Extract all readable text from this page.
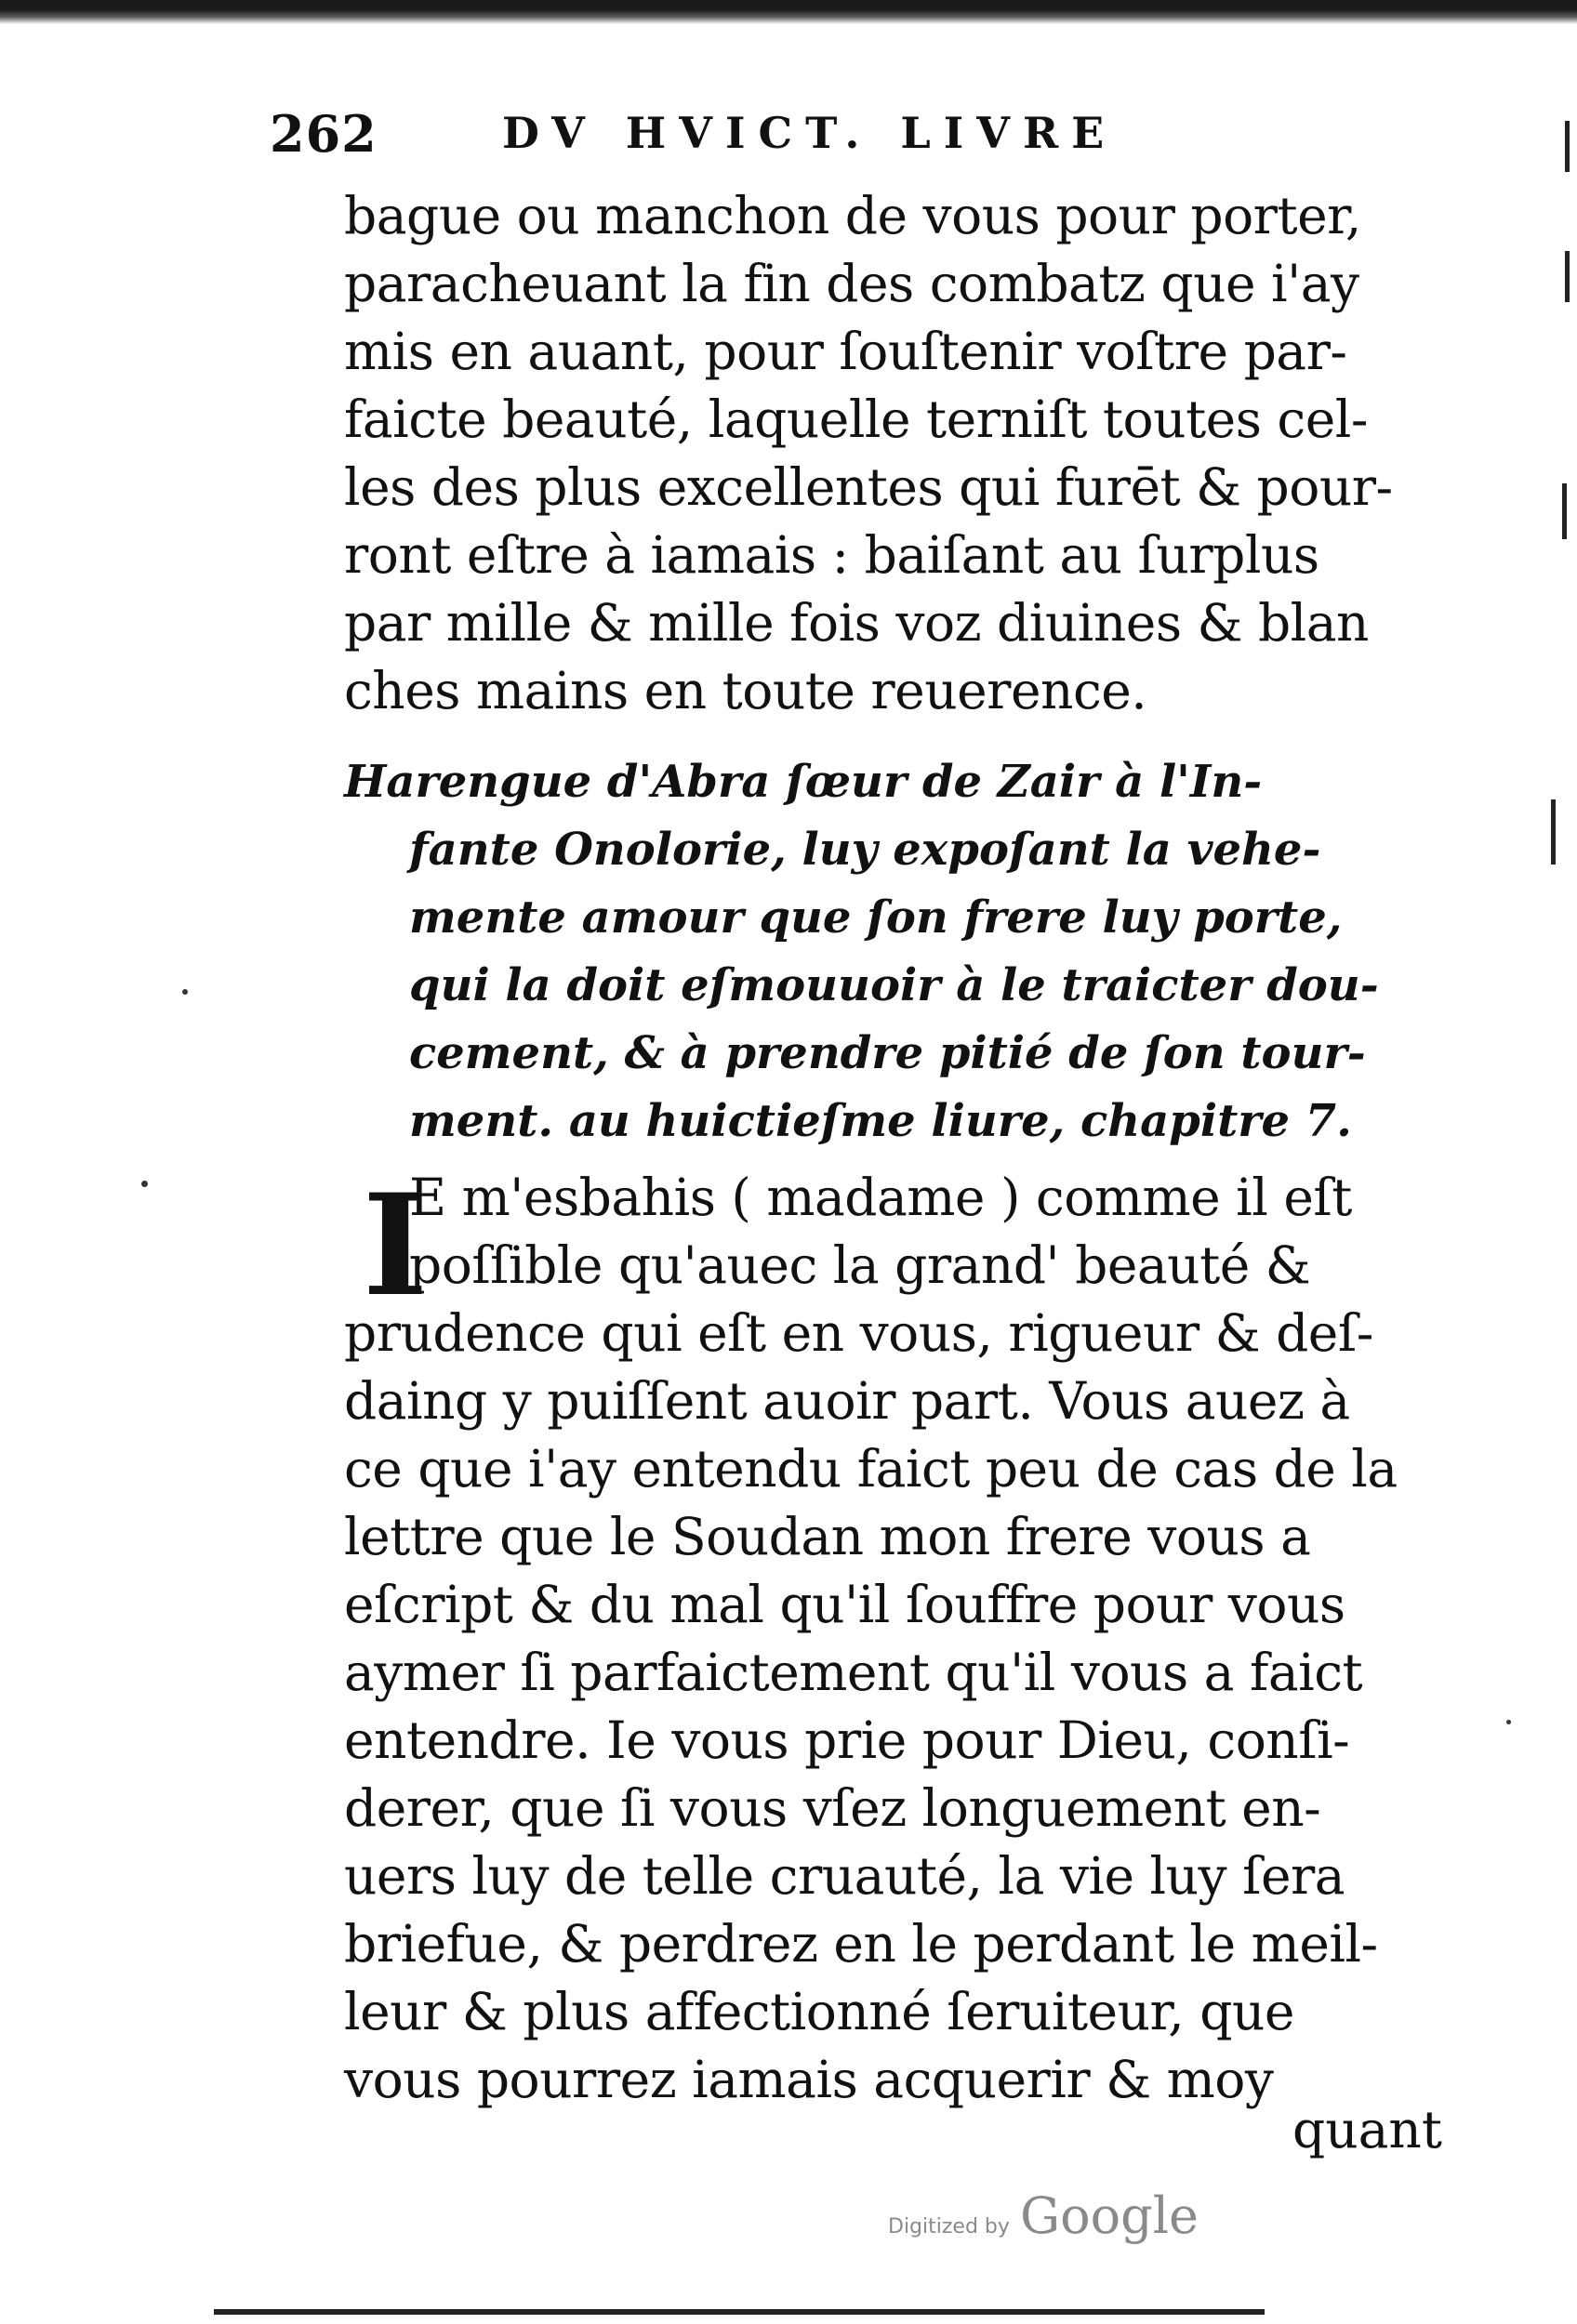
262	DV HVICT. LIVRE
bague ou manchon de vous pour porter,
paracheuant la fin des combatz que i'ay
mis en auant, pour ſouſtenir voſtre par-
faicte beauté, laquelle terniſt toutes cel-
les des plus excellentes qui furēt & pour-
ront eſtre à iamais : baiſant au ſurplus
par mille & mille fois voz diuines & blan
ches mains en toute reuerence.
Harengue d'Abra ſœur de Zair à l'In-
fante Onolorie, luy expoſant la vehe-
mente amour que ſon frere luy porte,
qui la doit eſmouuoir à le traicter dou-
cement, & à prendre pitié de ſon tour-
ment. au huictieſme liure, chapitre 7.
I
E m'esbahis ( madame ) comme il eſt
poſſible qu'auec la grand' beauté &
prudence qui eſt en vous, rigueur & deſ-
daing y puiſſent auoir part. Vous auez à
ce que i'ay entendu faict peu de cas de la
lettre que le Soudan mon frere vous a
eſcript & du mal qu'il ſouffre pour vous
aymer ſi parfaictement qu'il vous a faict
entendre. Ie vous prie pour Dieu, conſi-
derer, que ſi vous vſez longuement en-
uers luy de telle cruauté, la vie luy ſera
briefue, & perdrez en le perdant le meil-
leur & plus affectionné ſeruiteur, que
vous pourrez iamais acquerir & moy
quant
Digitized by Google
